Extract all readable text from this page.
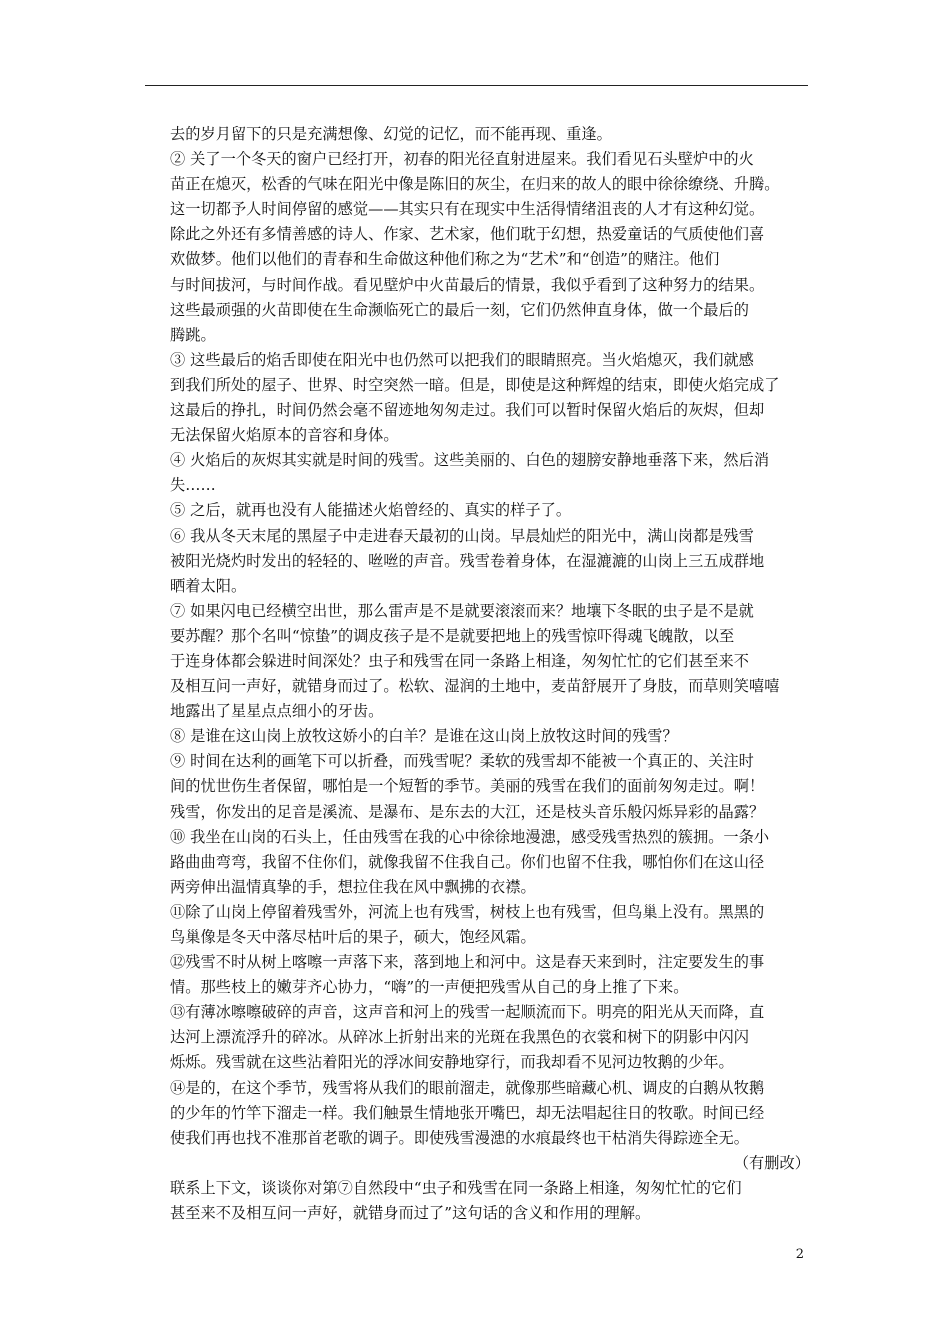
去的岁月留下的只是充满想像、幻觉的记忆，而不能再现、重逢。
② 关了一个冬天的窗户已经打开，初春的阳光径直射进屋来。我们看见石头壁炉中的火
苗正在熄灭，松香的气味在阳光中像是陈旧的灰尘，在归来的故人的眼中徐徐缭绕、升腾。
这一切都予人时间停留的感觉——其实只有在现实中生活得情绪沮丧的人才有这种幻觉。
除此之外还有多情善感的诗人、作家、艺术家，他们耽于幻想，热爱童话的气质使他们喜
欢做梦。他们以他们的青春和生命做这种他们称之为“艺术”和“创造”的赌注。他们
与时间拔河，与时间作战。看见壁炉中火苗最后的情景，我似乎看到了这种努力的结果。
这些最顽强的火苗即使在生命濒临死亡的最后一刻，它们仍然伸直身体，做一个最后的
腾跳。
③ 这些最后的焰舌即使在阳光中也仍然可以把我们的眼睛照亮。当火焰熄灭，我们就感
到我们所处的屋子、世界、时空突然一暗。但是，即使是这种辉煌的结束，即使火焰完成了
这最后的挣扎，时间仍然会毫不留迹地匆匆走过。我们可以暂时保留火焰后的灰烬，但却
无法保留火焰原本的音容和身体。
④ 火焰后的灰烬其实就是时间的残雪。这些美丽的、白色的翅膀安静地垂落下来，然后消
失……
⑤ 之后，就再也没有人能描述火焰曾经的、真实的样子了。
⑥ 我从冬天末尾的黑屋子中走进春天最初的山岗。早晨灿烂的阳光中，满山岗都是残雪
被阳光烧灼时发出的轻轻的、咝咝的声音。残雪卷着身体，在湿漉漉的山岗上三五成群地
晒着太阳。
⑦ 如果闪电已经横空出世，那么雷声是不是就要滚滚而来？地壤下冬眠的虫子是不是就
要苏醒？那个名叫“惊蛰”的调皮孩子是不是就要把地上的残雪惊吓得魂飞魄散，以至
于连身体都会躲进时间深处？虫子和残雪在同一条路上相逢，匆匆忙忙的它们甚至来不
及相互问一声好，就错身而过了。松软、湿润的土地中，麦苗舒展开了身肢，而草则笑嘻嘻
地露出了星星点点细小的牙齿。
⑧ 是谁在这山岗上放牧这娇小的白羊？是谁在这山岗上放牧这时间的残雪？
⑨ 时间在达利的画笔下可以折叠，而残雪呢？柔软的残雪却不能被一个真正的、关注时
间的忧世伤生者保留，哪怕是一个短暂的季节。美丽的残雪在我们的面前匆匆走过。啊！
残雪，你发出的足音是溪流、是瀑布、是东去的大江，还是枝头音乐般闪烁异彩的晶露？
⑩ 我坐在山岗的石头上，任由残雪在我的心中徐徐地漫漶，感受残雪热烈的簇拥。一条小
路曲曲弯弯，我留不住你们，就像我留不住我自己。你们也留不住我，哪怕你们在这山径
两旁伸出温情真挚的手，想拉住我在风中飘拂的衣襟。
⑪除了山岗上停留着残雪外，河流上也有残雪，树枝上也有残雪，但鸟巢上没有。黑黑的
鸟巢像是冬天中落尽枯叶后的果子，硕大，饱经风霜。
⑫残雪不时从树上喀嚓一声落下来，落到地上和河中。这是春天来到时，注定要发生的事
情。那些枝上的嫩芽齐心协力，“嗨”的一声便把残雪从自己的身上推了下来。
⑬有薄冰嚓嚓破碎的声音，这声音和河上的残雪一起顺流而下。明亮的阳光从天而降，直
达河上漂流浮升的碎冰。从碎冰上折射出来的光斑在我黑色的衣裳和树下的阴影中闪闪
烁烁。残雪就在这些沾着阳光的浮冰间安静地穿行，而我却看不见河边牧鹅的少年。
⑭是的，在这个季节，残雪将从我们的眼前溜走，就像那些暗藏心机、调皮的白鹅从牧鹅
的少年的竹竿下溜走一样。我们触景生情地张开嘴巴，却无法唱起往日的牧歌。时间已经
使我们再也找不准那首老歌的调子。即使残雪漫漶的水痕最终也干枯消失得踪迹全无。
（有删改）
联系上下文，谈谈你对第⑦自然段中“虫子和残雪在同一条路上相逢，匆匆忙忙的它们
甚至来不及相互问一声好，就错身而过了”这句话的含义和作用的理解。
2
